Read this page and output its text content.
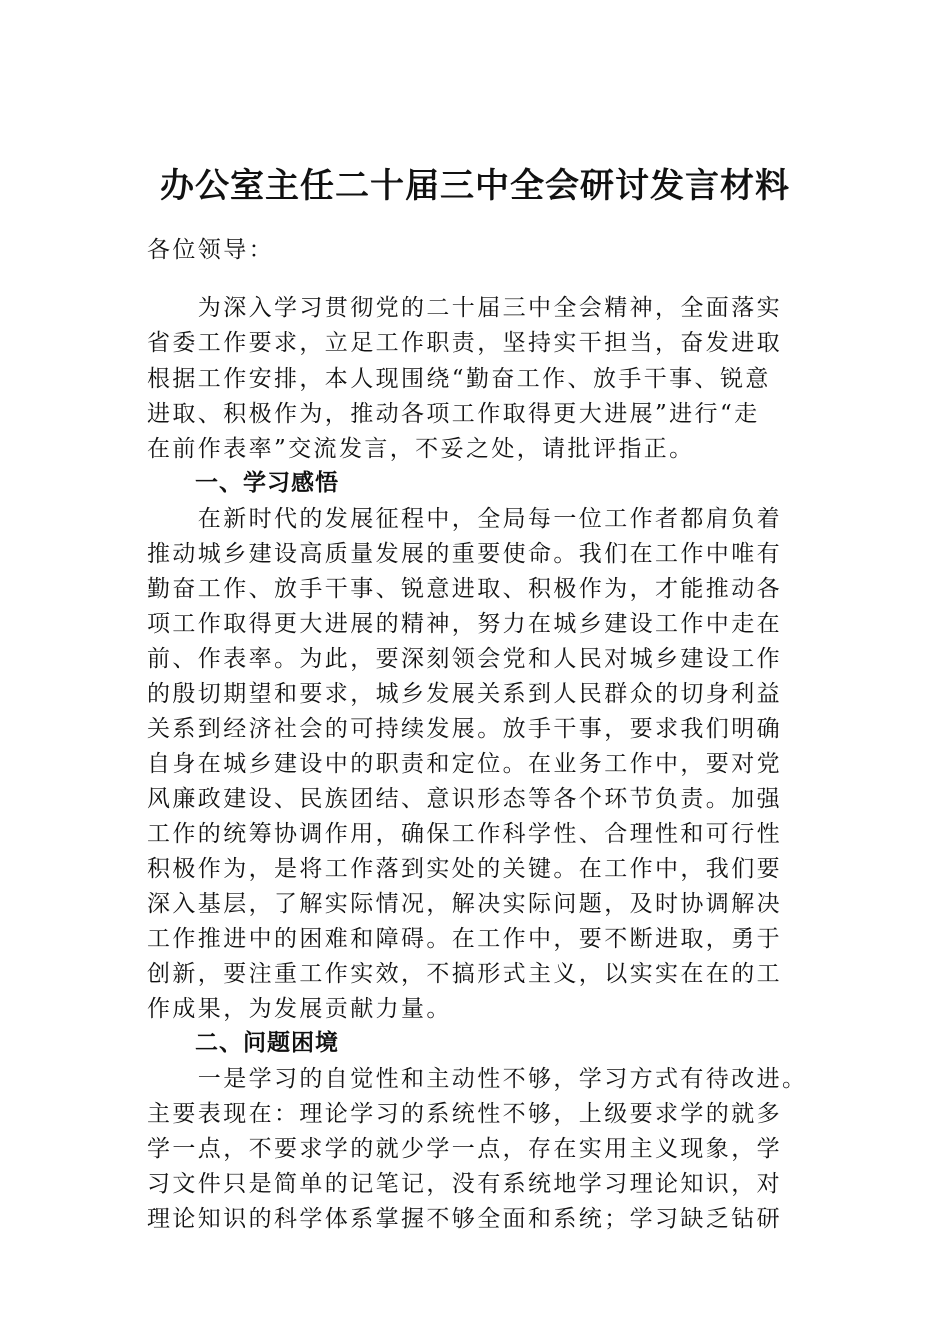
办公室主任二十届三中全会研讨发言材料

各位领导：

　　为深入学习贯彻党的二十届三中全会精神，全面落实

省委工作要求，立足工作职责，坚持实干担当，奋发进取

根据工作安排，本人现围绕“勤奋工作、放手干事、锐意

进取、积极作为，推动各项工作取得更大进展”进行“走

在前作表率”交流发言，不妥之处，请批评指正。

　　一、学习感悟

　　在新时代的发展征程中，全局每一位工作者都肩负着

推动城乡建设高质量发展的重要使命。我们在工作中唯有

勤奋工作、放手干事、锐意进取、积极作为，才能推动各

项工作取得更大进展的精神，努力在城乡建设工作中走在

前、作表率。为此，要深刻领会党和人民对城乡建设工作

的殷切期望和要求，城乡发展关系到人民群众的切身利益

关系到经济社会的可持续发展。放手干事，要求我们明确

自身在城乡建设中的职责和定位。在业务工作中，要对党

风廉政建设、民族团结、意识形态等各个环节负责。加强

工作的统筹协调作用，确保工作科学性、合理性和可行性

积极作为，是将工作落到实处的关键。在工作中，我们要

深入基层，了解实际情况，解决实际问题，及时协调解决

工作推进中的困难和障碍。在工作中，要不断进取，勇于

创新，要注重工作实效，不搞形式主义，以实实在在的工

作成果，为发展贡献力量。

　　二、问题困境

　　一是学习的自觉性和主动性不够，学习方式有待改进。

主要表现在：理论学习的系统性不够，上级要求学的就多

学一点，不要求学的就少学一点，存在实用主义现象，学

习文件只是简单的记笔记，没有系统地学习理论知识，对

理论知识的科学体系掌握不够全面和系统；学习缺乏钻研
